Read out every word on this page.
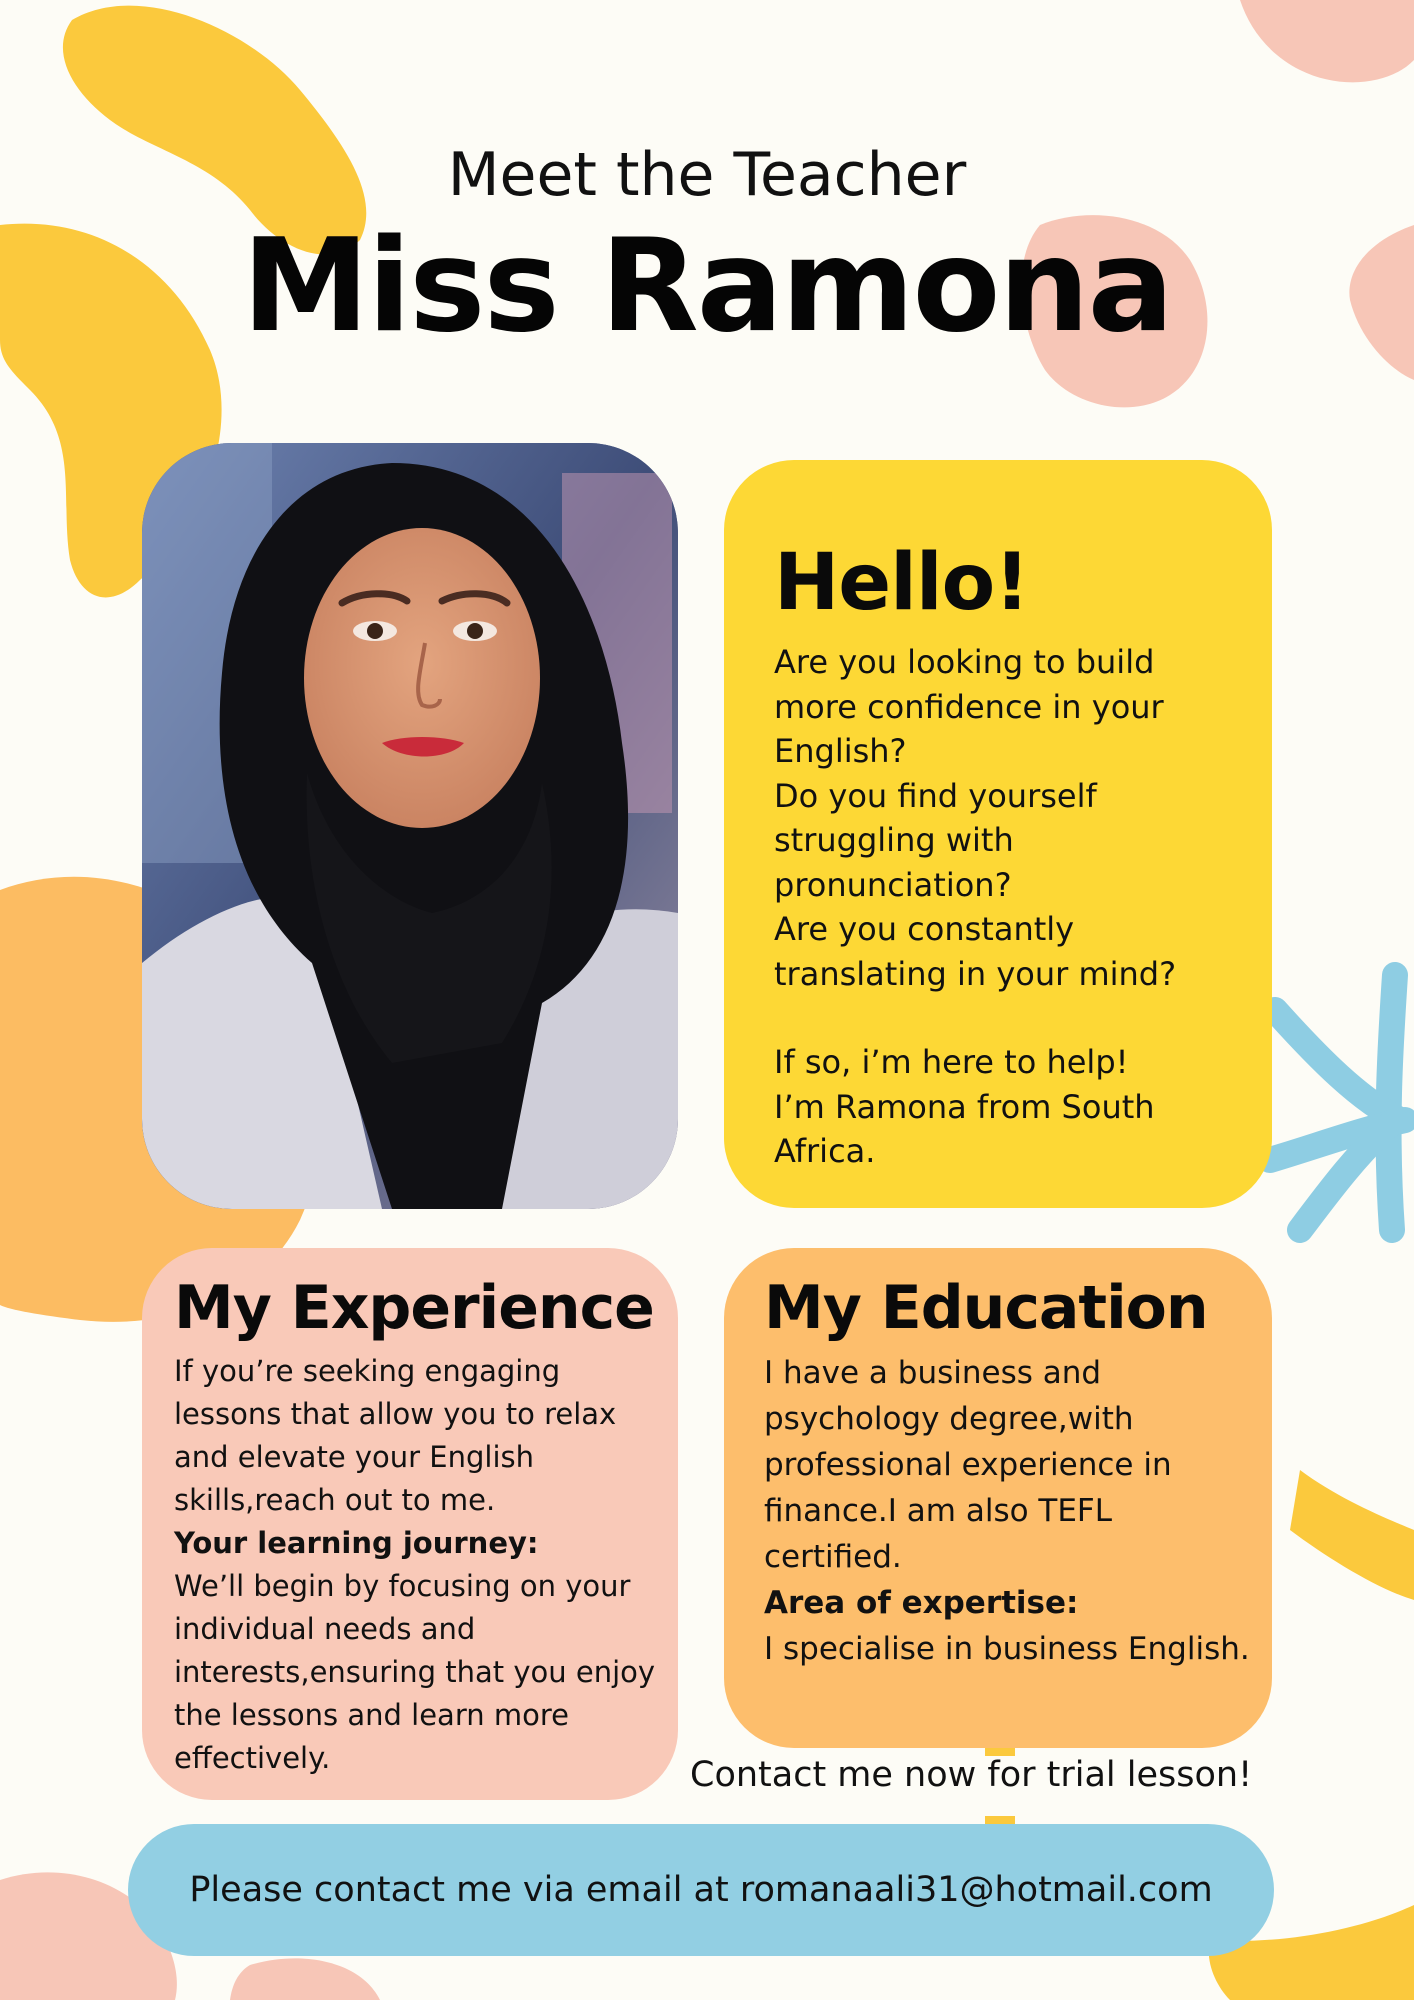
Meet the Teacher
Miss Ramona
Hello!

Are you looking to build more confidence in your English?

Do you find yourself struggling with pronunciation?

Are you constantly translating in your mind?

If so, i’m here to help!

I’m Ramona from South Africa.

My Experience

If you’re seeking engaging lessons that allow you to relax and elevate your English skills,reach out to me.

Your learning journey:

We’ll begin by focusing on your individual needs and interests,ensuring that you enjoy the lessons and learn more effectively.

My Education

I have a business and psychology degree,with professional experience in finance.I am also TEFL certified.

Area of expertise:

I specialise in business English.

Contact me now for trial lesson!
Please contact me via email at romanaali31@hotmail.com
